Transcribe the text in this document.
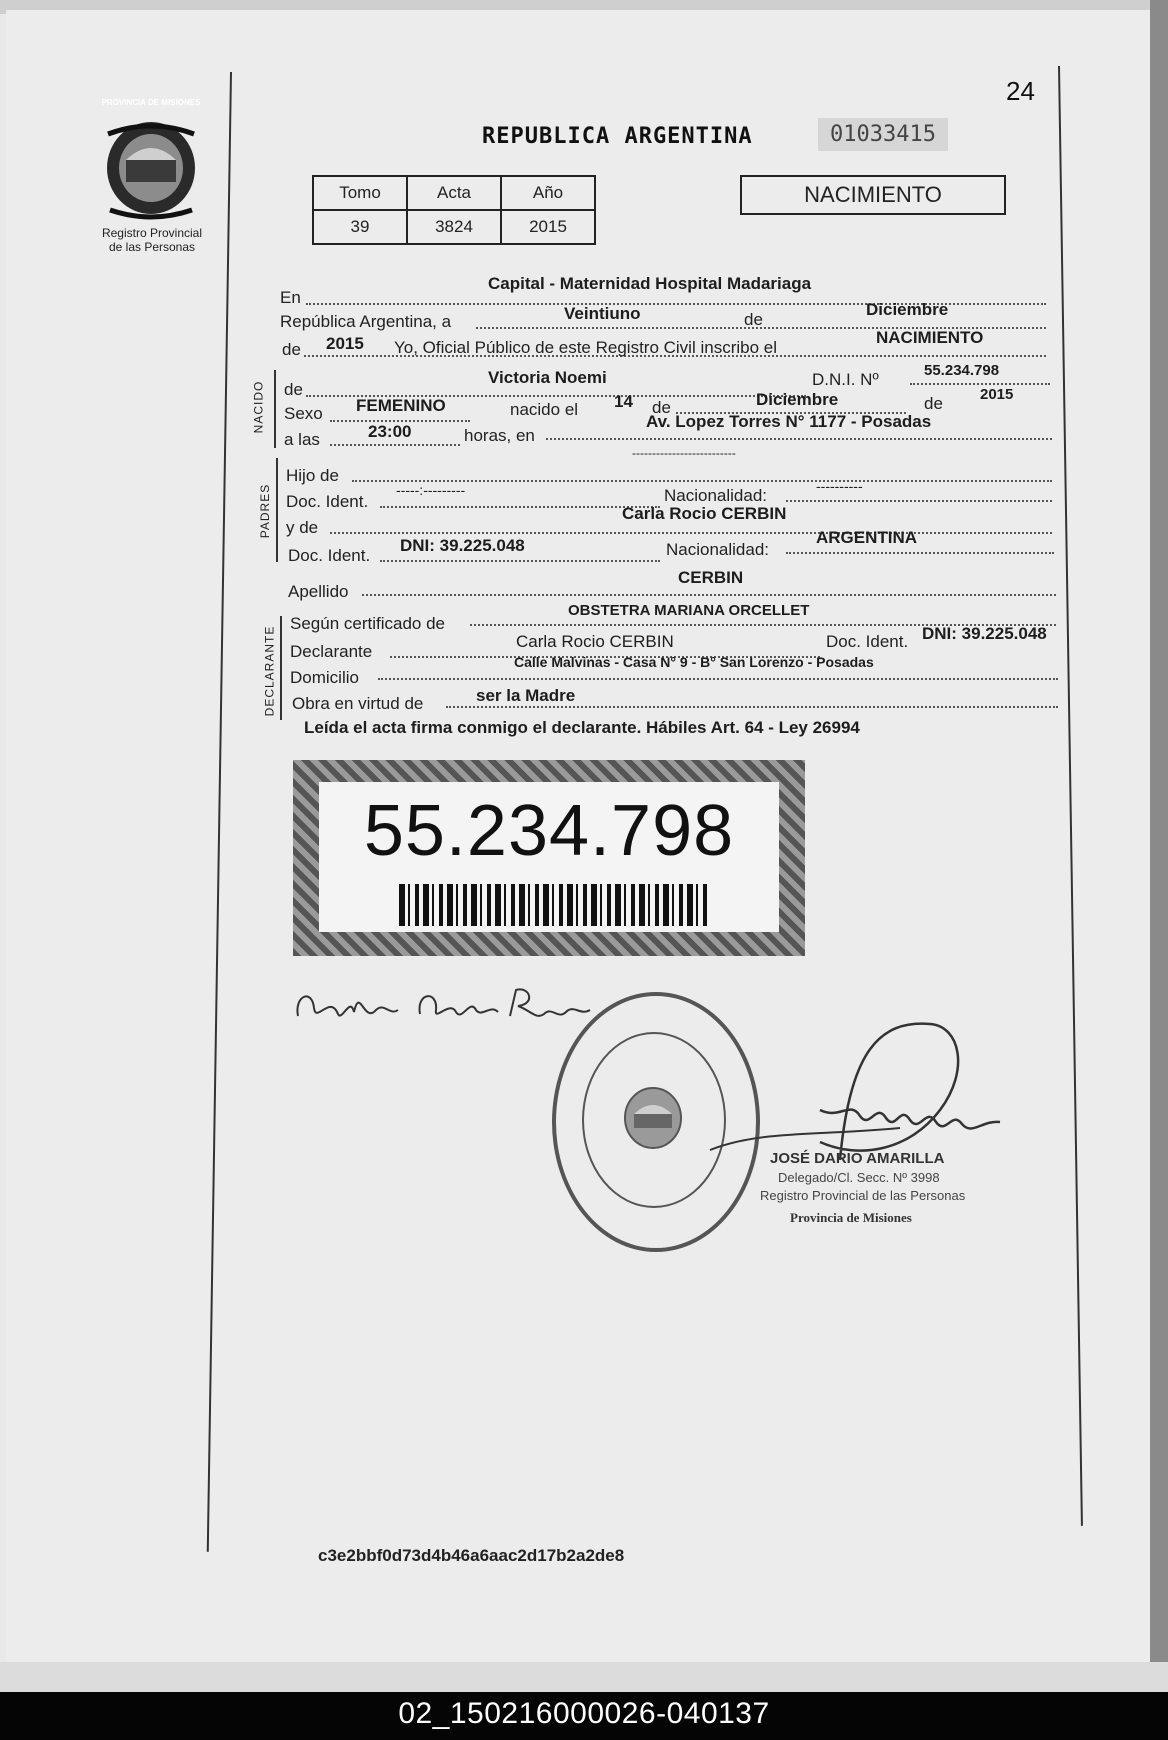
24
PROVINCIA DE MISIONES
Registro Provincial
de las Personas
REPUBLICA ARGENTINA	01033415
Tomo	Acta	Año
39	3824	2015
NACIMIENTO
En
Capital - Maternidad Hospital Madariaga
República Argentina, a	Veintiuno	de
Diciembre
de 2015 Yo, Oficial Público de este Registro Civil inscribo el
NACIMIENTO
NACIDO de
Victoria Noemi	D.N.I. Nº	55.234.798
Sexo FEMENINO	nacido el 14 de	Diciembre	de 2015
a las	23:00	horas, en
Av. Lopez Torres N° 1177 - Posadas
PADRES
--------------------------
Hijo de
Doc. Ident.
-----:---------	Nacionalidad:	----------
y de
Carla Rocio CERBIN
Doc. Ident.
DNI: 39.225.048	Nacionalidad:
ARGENTINA
Apellido
CERBIN
DECLARANTE
Según certificado de
OBSTETRA MARIANA ORCELLET
Declarante
Carla Rocio CERBIN	Doc. Ident. DNI: 39.225.048
Domicilio
Calle Malvinas - Casa N° 9 - B° San Lorenzo - Posadas
Obra en virtud de	ser la Madre
Leída el acta firma conmigo el declarante. Hábiles Art. 64 - Ley 26994
55.234.798
JOSÉ DARIO AMARILLA
Delegado/Cl. Secc. Nº 3998
Registro Provincial de las Personas
Provincia de Misiones
c3e2bbf0d73d4b46a6aac2d17b2a2de8
02_150216000026-040137
